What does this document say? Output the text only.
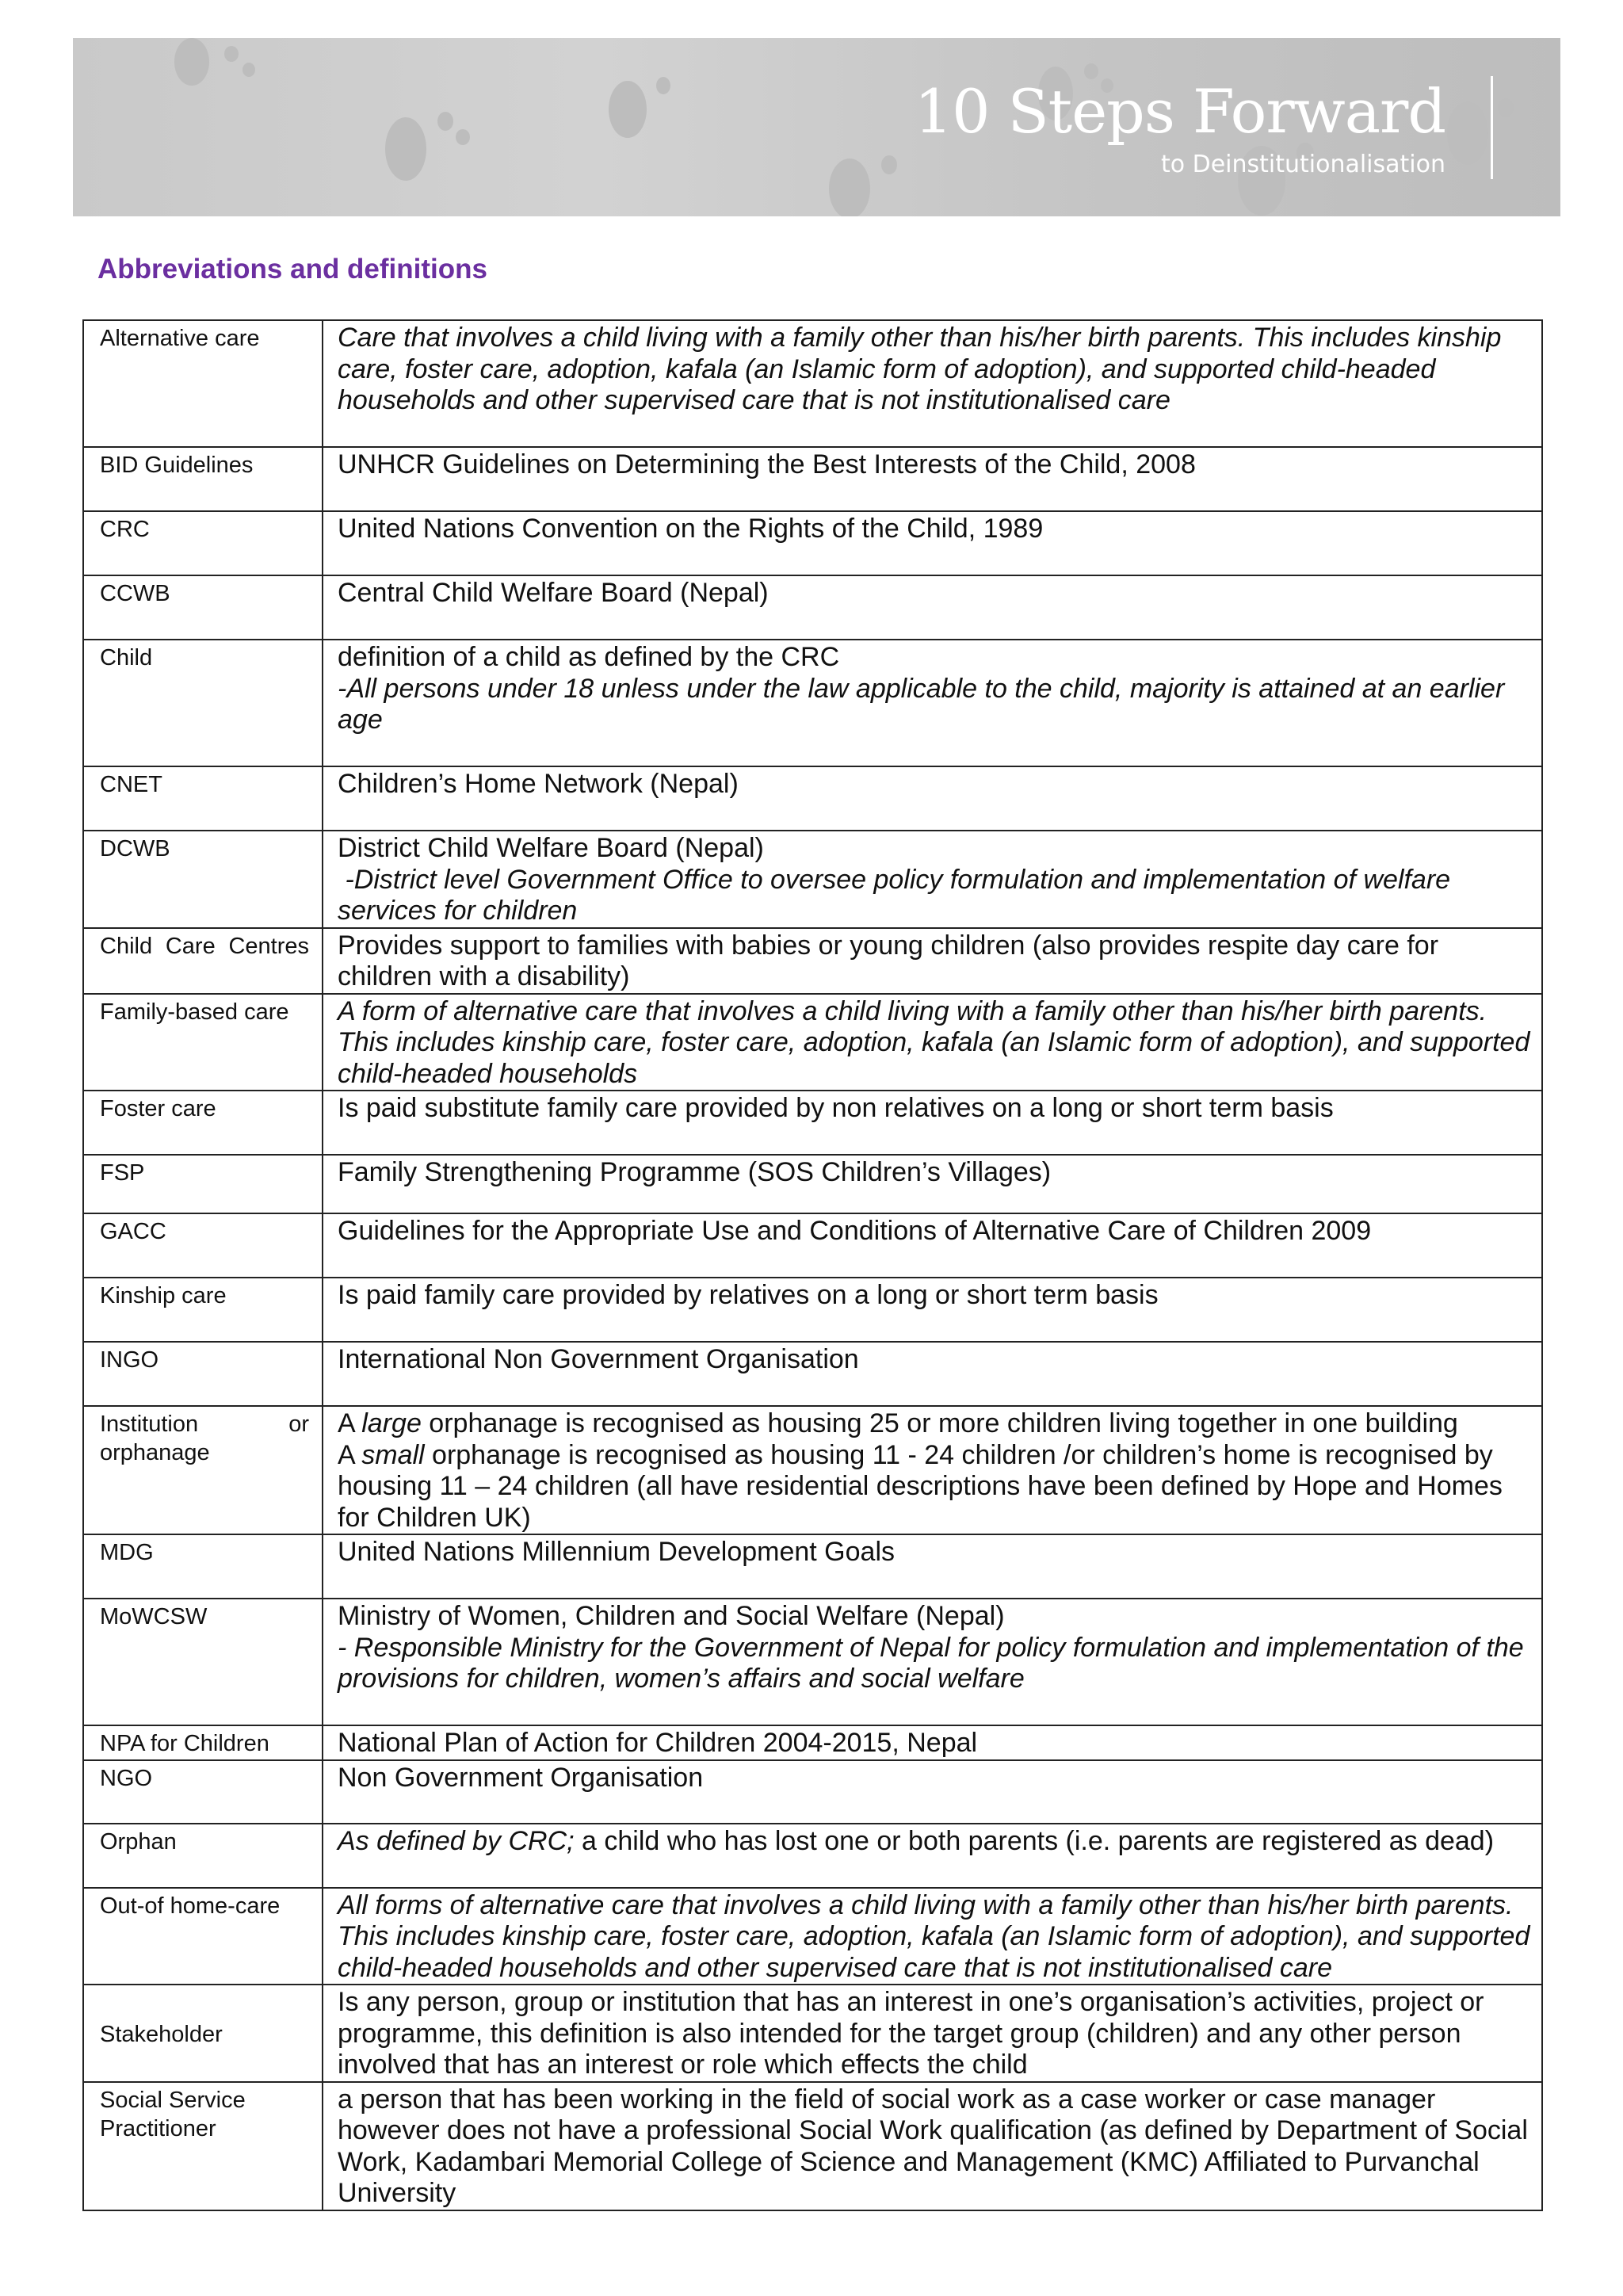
10 Steps Forward
to Deinstitutionalisation
Abbreviations and definitions
Alternative care	Care that involves a child living with a family other than his/her birth parents. This includes kinship care, foster care, adoption, kafala (an Islamic form of adoption), and supported child-headed households and other supervised care that is not institutionalised care
BID Guidelines	UNHCR Guidelines on Determining the Best Interests of the Child, 2008
CRC	United Nations Convention on the Rights of the Child, 1989
CCWB	Central Child Welfare Board (Nepal)
Child	definition of a child as defined by the CRC
-All persons under 18 unless under the law applicable to the child, majority is attained at an earlier age

CNET	Children’s Home Network (Nepal)
DCWB	District Child Welfare Board (Nepal)
-District level Government Office to oversee policy formulation and implementation of welfare services for children

Child Care Centres	Provides support to families with babies or young children (also provides respite day care for children with a disability)
Family-based care	A form of alternative care that involves a child living with a family other than his/her birth parents. This includes kinship care, foster care, adoption, kafala (an Islamic form of adoption), and supported child-headed households
Foster care	Is paid substitute family care provided by non relatives on a long or short term basis
FSP	Family Strengthening Programme (SOS Children’s Villages)
GACC	Guidelines for the Appropriate Use and Conditions of Alternative Care of Children 2009
Kinship care	Is paid family care provided by relatives on a long or short term basis
INGO	International Non Government Organisation
Institution or orphanage	A large orphanage is recognised as housing 25 or more children living together in one building
A small orphanage is recognised as housing 11 - 24 children /or children’s home is recognised by housing 11 – 24 children (all have residential descriptions have been defined by Hope and Homes for Children UK)

MDG	United Nations Millennium Development Goals
MoWCSW	Ministry of Women, Children and Social Welfare (Nepal)
- Responsible Ministry for the Government of Nepal for policy formulation and implementation of the provisions for children, women’s affairs and social welfare

NPA for Children	National Plan of Action for Children 2004-2015, Nepal
NGO	Non Government Organisation
Orphan	As defined by CRC; a child who has lost one or both parents (i.e. parents are registered as dead)
Out-of home-care	All forms of alternative care that involves a child living with a family other than his/her birth parents. This includes kinship care, foster care, adoption, kafala (an Islamic form of adoption), and supported child-headed households and other supervised care that is not institutionalised care
Stakeholder	Is any person, group or institution that has an interest in one’s organisation’s activities, project or programme, this definition is also intended for the target group (children) and any other person involved that has an interest or role which effects the child
Social Service Practitioner	a person that has been working in the field of social work as a case worker or case manager however does not have a professional Social Work qualification (as defined by Department of Social Work, Kadambari Memorial College of Science and Management (KMC) Affiliated to Purvanchal University
